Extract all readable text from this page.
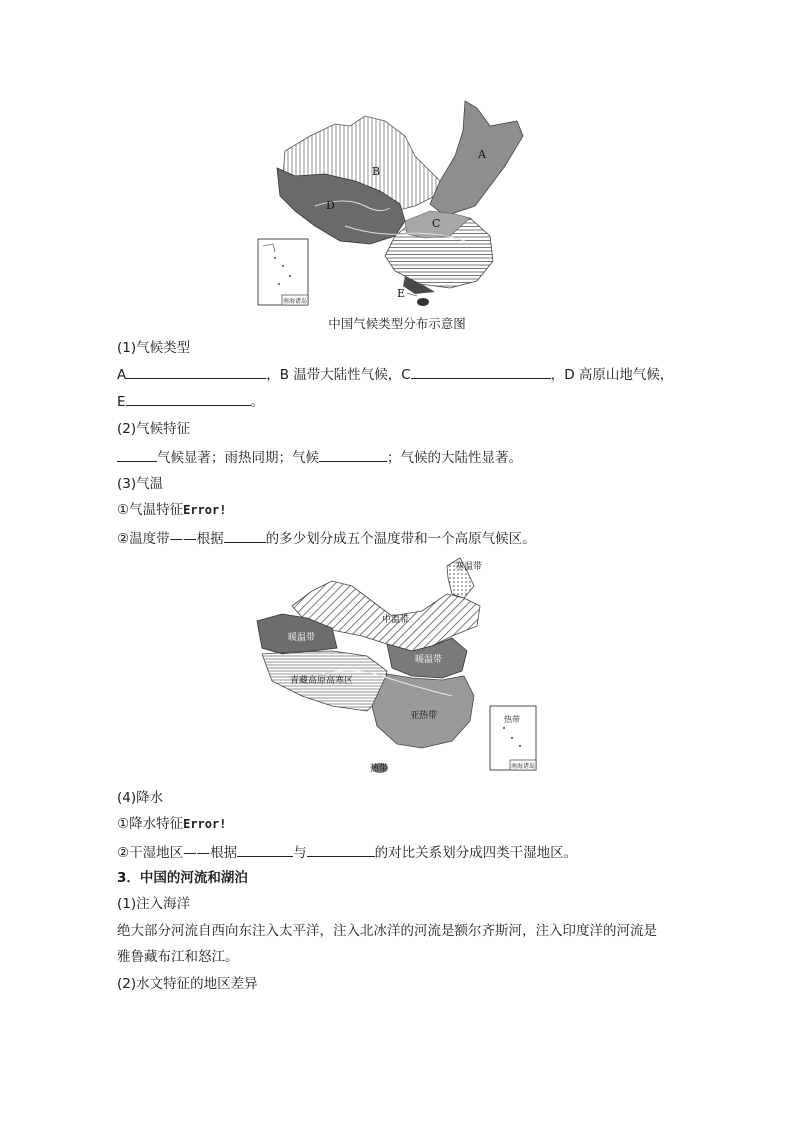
A
B
C
D
E
南海诸岛
中国气候类型分布示意图
(1)气候类型
A	，B 温带大陆性气候，C	，D 高原山地气候，
E	。
(2)气候特征
气候显著；雨热同期；气候	；气候的大陆性显著。
(3)气温
①气温特征Error!
②温度带——根据	的多少划分成五个温度带和一个高原气候区。
寒温带
暖温带
中温带
暖温带
青藏高原高寒区
亚热带
热带
热带
南海诸岛
(4)降水
①降水特征Error!
②干湿地区——根据	与	的对比关系划分成四类干湿地区。
3．中国的河流和湖泊
(1)注入海洋
绝大部分河流自西向东注入太平洋，注入北冰洋的河流是额尔齐斯河，注入印度洋的河流是
雅鲁藏布江和怒江。
(2)水文特征的地区差异
